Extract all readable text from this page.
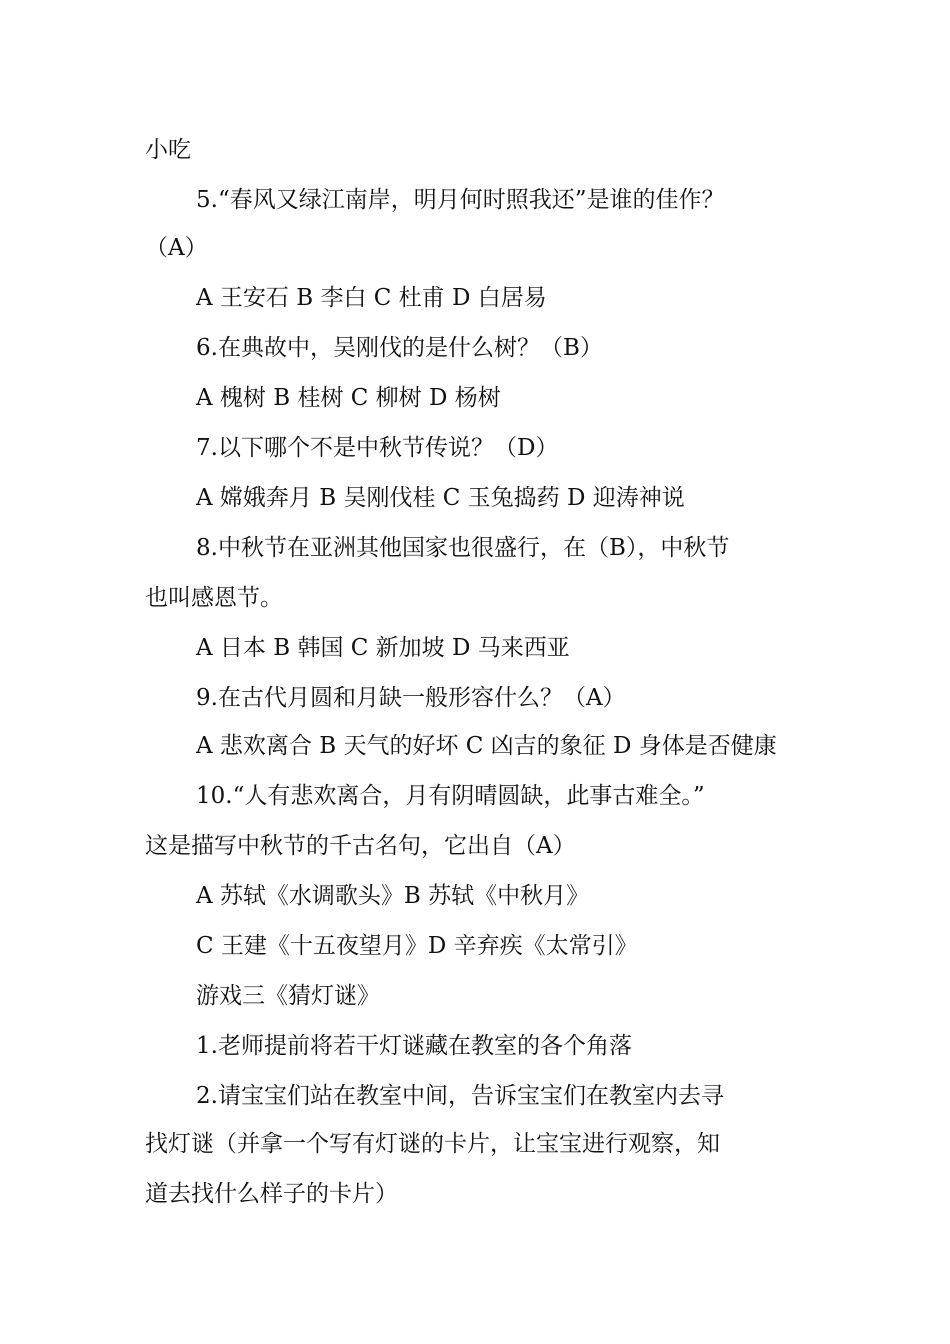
小吃
5.“春风又绿江南岸，明月何时照我还”是谁的佳作？
（A）
A 王安石 B 李白 C 杜甫 D 白居易
6.在典故中，吴刚伐的是什么树？（B）
A 槐树 B 桂树 C 柳树 D 杨树
7.以下哪个不是中秋节传说？（D）
A 嫦娥奔月 B 吴刚伐桂 C 玉兔捣药 D 迎涛神说
8.中秋节在亚洲其他国家也很盛行，在（B），中秋节
也叫感恩节。
A 日本 B 韩国 C 新加坡 D 马来西亚
9.在古代月圆和月缺一般形容什么？（A）
A 悲欢离合 B 天气的好坏 C 凶吉的象征 D 身体是否健康
10.“人有悲欢离合，月有阴晴圆缺，此事古难全。”
这是描写中秋节的千古名句，它出自（A）
A 苏轼《水调歌头》B 苏轼《中秋月》
C 王建《十五夜望月》D 辛弃疾《太常引》
游戏三《猜灯谜》
1.老师提前将若干灯谜藏在教室的各个角落
2.请宝宝们站在教室中间，告诉宝宝们在教室内去寻
找灯谜（并拿一个写有灯谜的卡片，让宝宝进行观察，知
道去找什么样子的卡片）
